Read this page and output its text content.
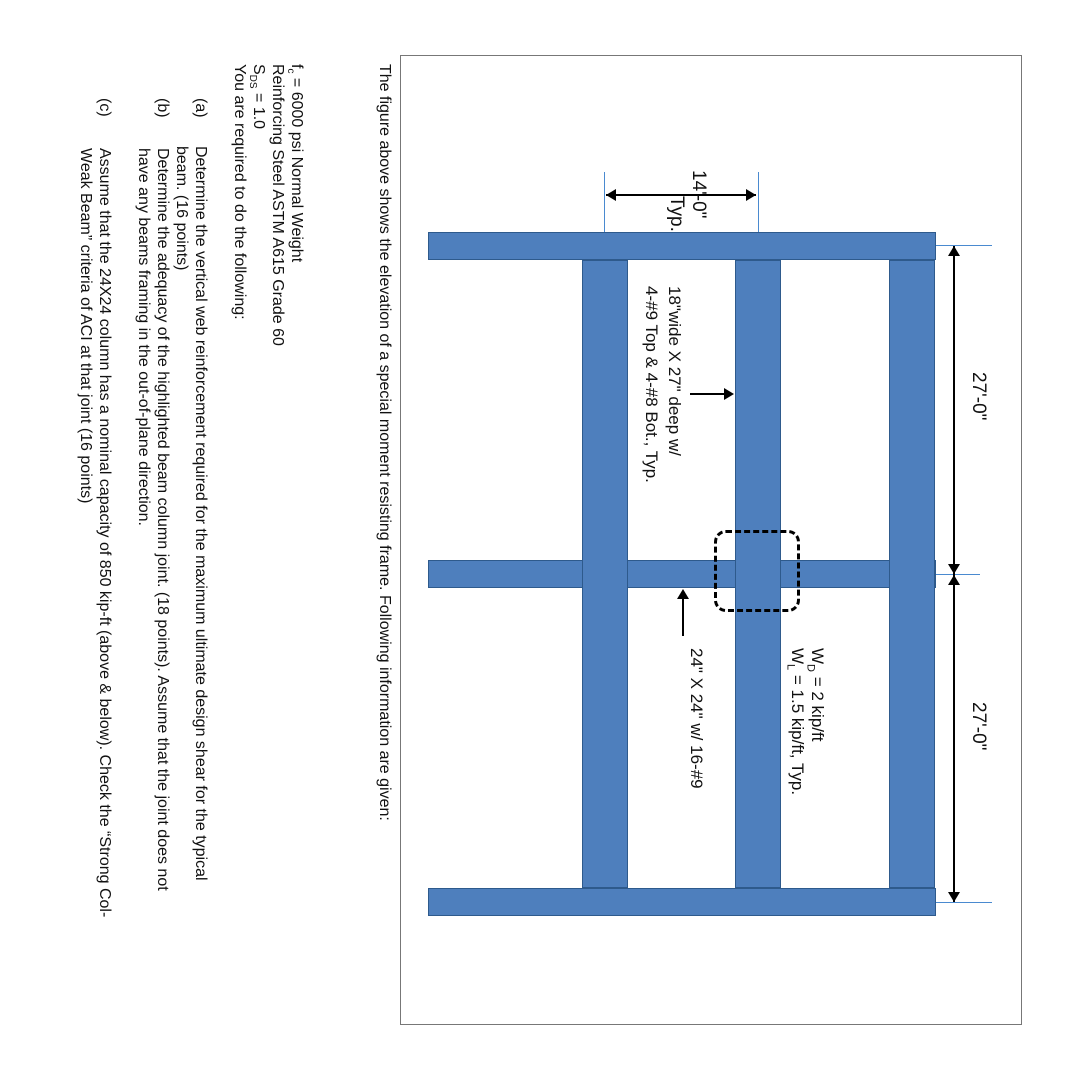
27'-0"
27'-0"
14'-0"
Typ.
18"wide X 27" deep w/
4-#9 Top & 4-#8 Bot., Typ.
24" X 24" w/ 16-#9	$W_D = 2$ kip/ft
$W_L = 1.5$ kip/ft, Typ.
The figure above shows the elevation of a special moment resisting frame. Following information are given:
$f_c = 6000$ psi Normal Weight
Reinforcing Steel ASTM A615 Grade 60
$S_{DS} = 1.0$
You are required to do the following:
(a)
Determine the vertical web reinforcement required for the maximum ultimate design shear for the typical beam. (16 points)
(b)
Determine the adequacy of the highlighted beam column joint. (18 points). Assume that the joint does not have any beams framing in the out-of-plane direction.
(c)
Assume that the 24X24 column has a nominal capacity of 850 kip-ft (above & below). Check the “Strong Col-Weak Beam” criteria of ACI at that joint (16 points)
